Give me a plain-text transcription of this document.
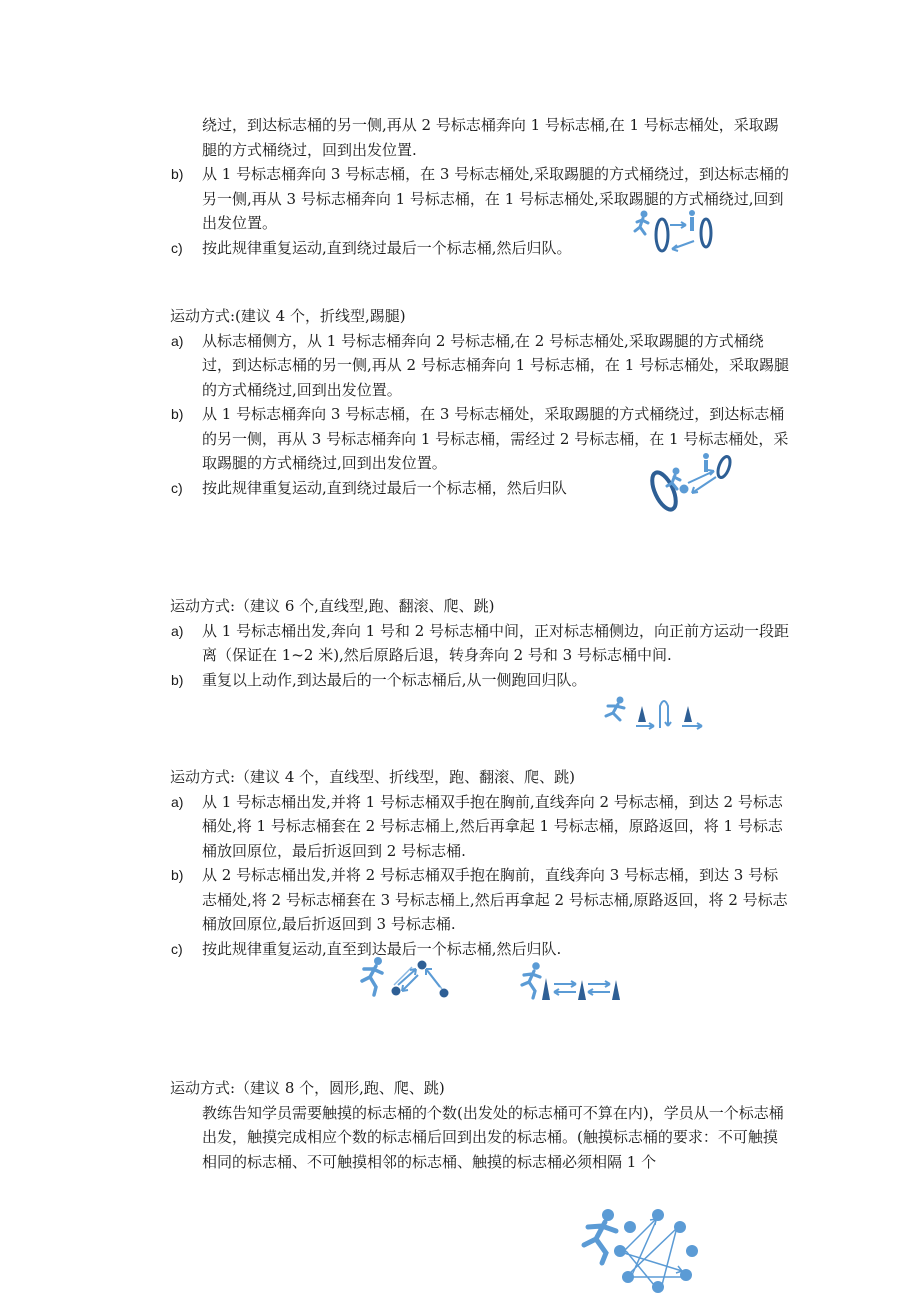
绕过，到达标志桶的另一侧,再从 2 号标志桶奔向 1 号标志桶,在 1 号标志桶处，采取踢腿的方式桶绕过，回到出发位置.

b) 从 1 号标志桶奔向 3 号标志桶，在 3 号标志桶处,采取踢腿的方式桶绕过，到达标志桶的另一侧,再从 3 号标志桶奔向 1 号标志桶，在 1 号标志桶处,采取踢腿的方式桶绕过,回到出发位置。

c) 按此规律重复运动,直到绕过最后一个标志桶,然后归队。

运动方式:(建议 4 个，折线型,踢腿)

a) 从标志桶侧方，从 1 号标志桶奔向 2 号标志桶,在 2 号标志桶处,采取踢腿的方式桶绕过，到达标志桶的另一侧,再从 2 号标志桶奔向 1 号标志桶，在 1 号标志桶处，采取踢腿的方式桶绕过,回到出发位置。

b) 从 1 号标志桶奔向 3 号标志桶，在 3 号标志桶处，采取踢腿的方式桶绕过，到达标志桶的另一侧，再从 3 号标志桶奔向 1 号标志桶，需经过 2 号标志桶，在 1 号标志桶处，采取踢腿的方式桶绕过,回到出发位置。

c) 按此规律重复运动,直到绕过最后一个标志桶，然后归队

运动方式:（建议 6 个,直线型,跑、翻滚、爬、跳)

a) 从 1 号标志桶出发,奔向 1 号和 2 号标志桶中间，正对标志桶侧边，向正前方运动一段距离（保证在 1~2 米),然后原路后退，转身奔向 2 号和 3 号标志桶中间.

b) 重复以上动作,到达最后的一个标志桶后,从一侧跑回归队。

运动方式:（建议 4 个，直线型、折线型，跑、翻滚、爬、跳)

a) 从 1 号标志桶出发,并将 1 号标志桶双手抱在胸前,直线奔向 2 号标志桶，到达 2 号标志桶处,将 1 号标志桶套在 2 号标志桶上,然后再拿起 1 号标志桶，原路返回，将 1 号标志桶放回原位，最后折返回到 2 号标志桶.

b) 从 2 号标志桶出发,并将 2 号标志桶双手抱在胸前，直线奔向 3 号标志桶，到达 3 号标志桶处,将 2 号标志桶套在 3 号标志桶上,然后再拿起 2 号标志桶,原路返回，将 2 号标志桶放回原位,最后折返回到 3 号标志桶.

c) 按此规律重复运动,直至到达最后一个标志桶,然后归队.

运动方式:（建议 8 个，圆形,跑、爬、跳)

教练告知学员需要触摸的标志桶的个数(出发处的标志桶可不算在内)，学员从一个标志桶出发，触摸完成相应个数的标志桶后回到出发的标志桶。(触摸标志桶的要求：不可触摸相同的标志桶、不可触摸相邻的标志桶、触摸的标志桶必须相隔 1 个
